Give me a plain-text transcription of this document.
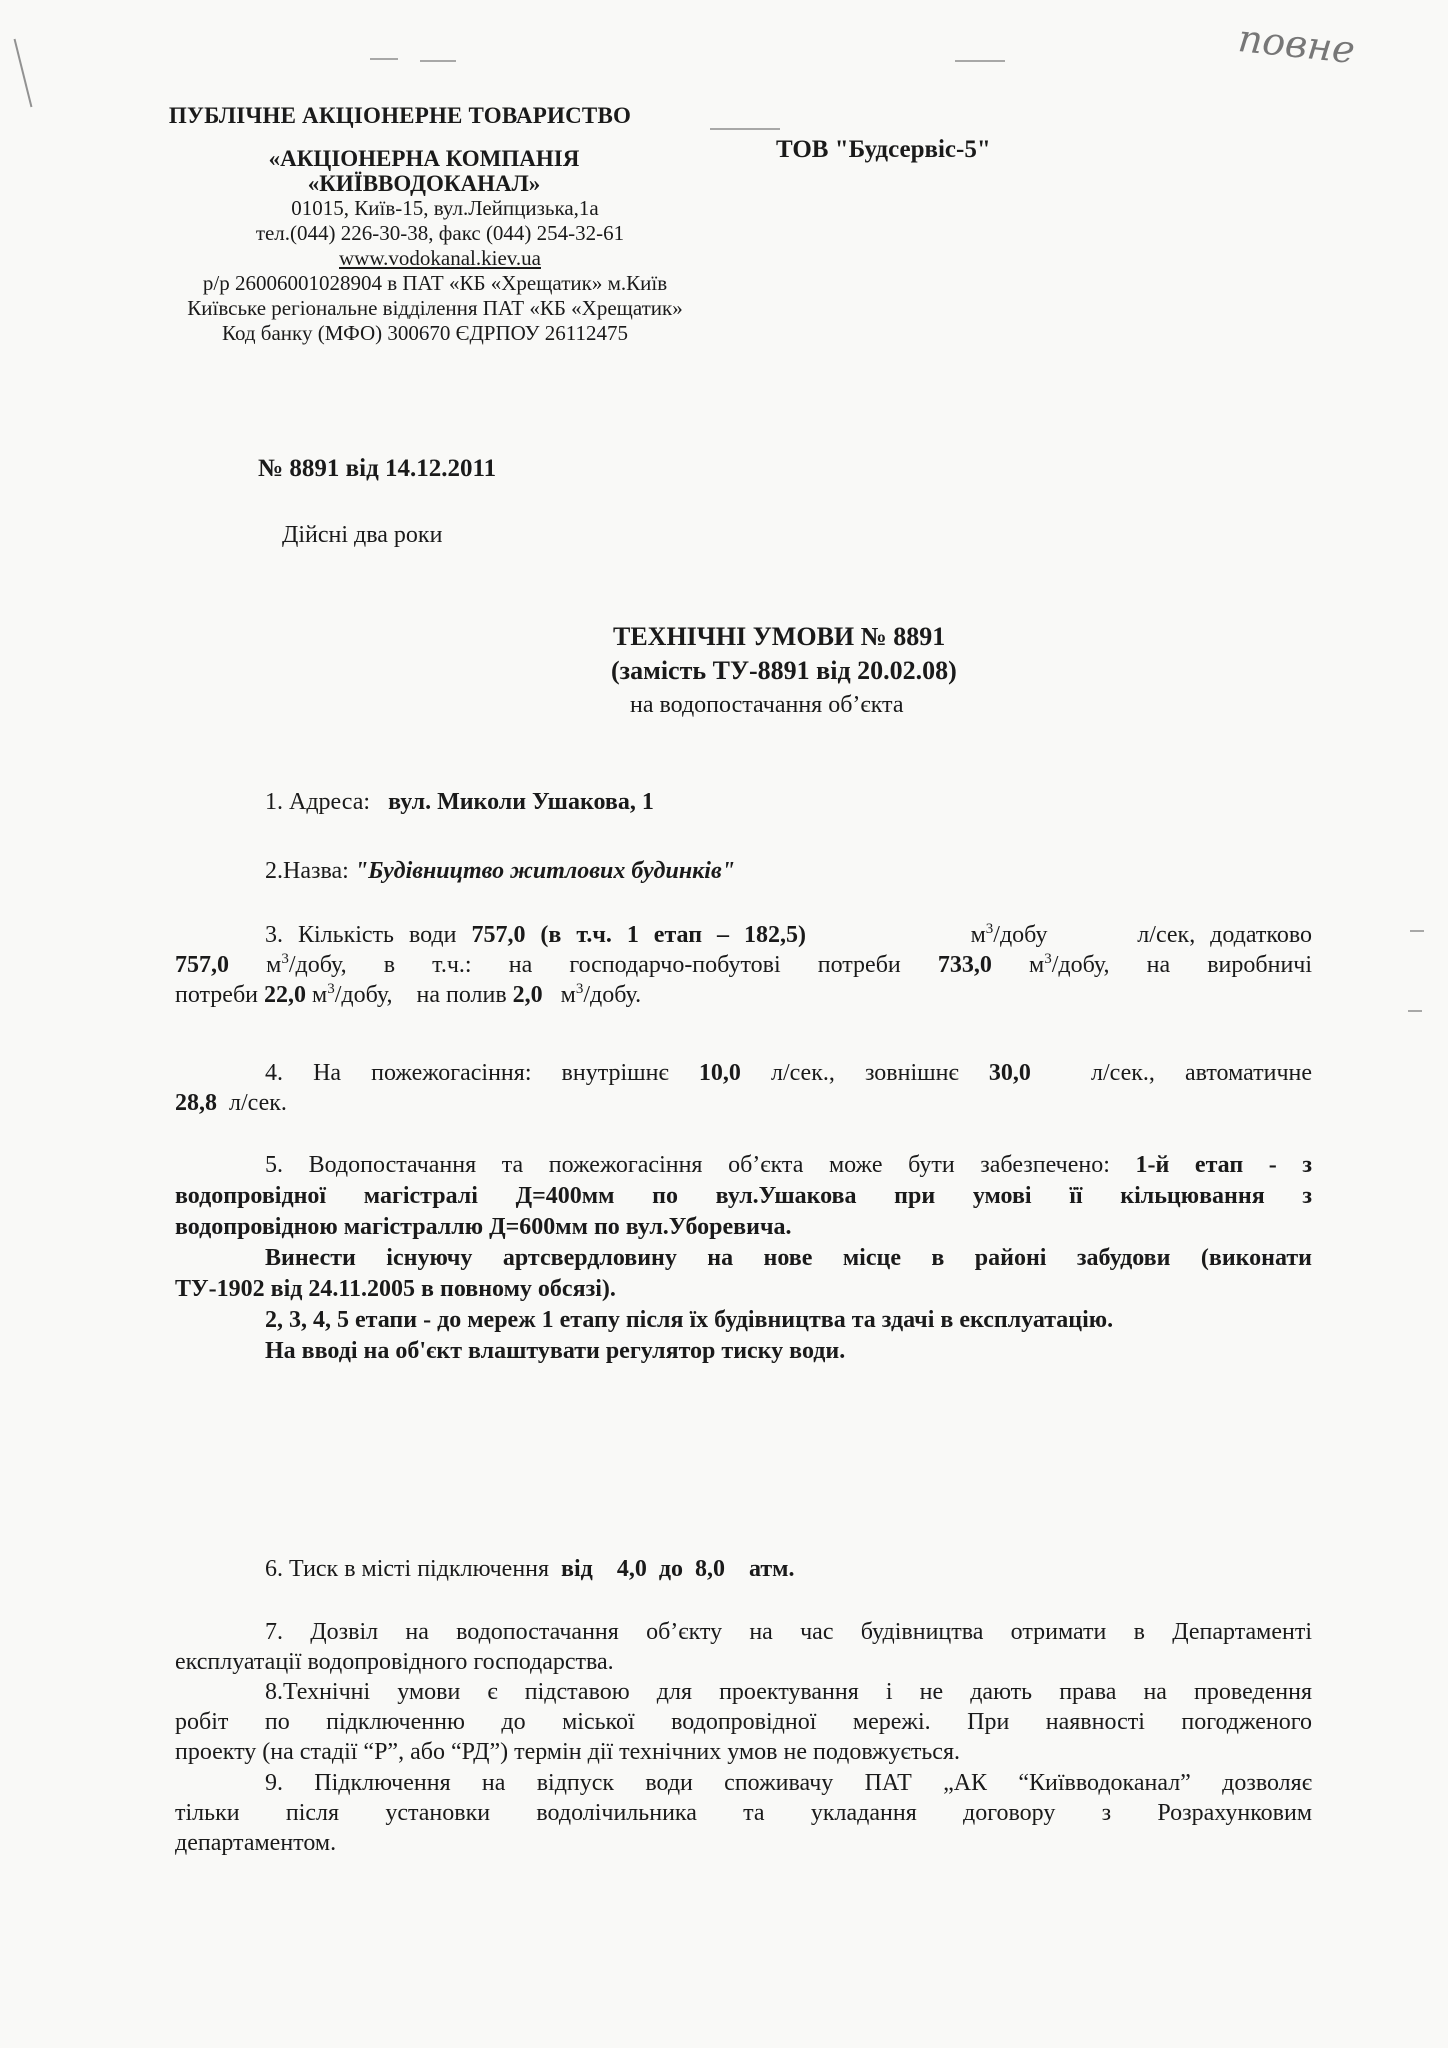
повне
ПУБЛІЧНЕ АКЦІОНЕРНЕ ТОВАРИСТВО
«АКЦІОНЕРНА КОМПАНІЯ
«КИЇВВОДОКАНАЛ»
01015, Київ-15, вул.Лейпцизька,1а
тел.(044) 226-30-38, факс (044) 254-32-61
www.vodokanal.kiev.ua
р/р 26006001028904 в ПАТ «КБ «Хрещатик» м.Київ
Київське регіональне відділення ПАТ «КБ «Хрещатик»
Код банку (МФО) 300670 ЄДРПОУ 26112475
ТОВ "Будсервіс-5"
№ 8891 від 14.12.2011
Дійсні два роки
ТЕХНІЧНІ УМОВИ № 8891
(замість ТУ-8891 від 20.02.08)
на водопостачання об’єкта
1. Адреса: вул. Миколи Ушакова, 1
2.Назва: "Будівництво житлових будинків"
3. Кількість води 757,0 (в т.ч. 1 етап – 182,5)	$м^3$/добу	л/сек, додатково
757,0 $м^3$/добу, в т.ч.: на господарчо-побутові потреби 733,0 $м^3$/добу, на виробничі
потреби 22,0 $м^3$/добу, на полив 2,0 $м^3$/добу.
4. На пожежогасіння: внутрішнє 10,0 л/сек., зовнішнє 30,0	л/сек., автоматичне
28,8 л/сек.
5. Водопостачання та пожежогасіння об’єкта може бути забезпечено: 1-й етап - з
водопровідної магістралі Д=400мм по вул.Ушакова при умові її кільцювання з
водопровідною магістраллю Д=600мм по вул.Уборевича.
Винести існуючу артсвердловину на нове місце в районі забудови (виконати
ТУ-1902 від 24.11.2005 в повному обсязі).
2, 3, 4, 5 етапи - до мереж 1 етапу після їх будівництва та здачі в експлуатацію.
На вводі на об'єкт влаштувати регулятор тиску води.
6. Тиск в місті підключення від 4,0 до 8,0 атм.
7. Дозвіл на водопостачання об’єкту на час будівництва отримати в Департаменті
експлуатації водопровідного господарства.
8.Технічні умови є підставою для проектування і не дають права на проведення
робіт по підключенню до міської водопровідної мережі. При наявності погодженого
проекту (на стадії “Р”, або “РД”) термін дії технічних умов не подовжується.
9. Підключення на відпуск води споживачу ПАТ „АК “Київводоканал” дозволяє
тільки після установки водолічильника та укладання договору з Розрахунковим
департаментом.
